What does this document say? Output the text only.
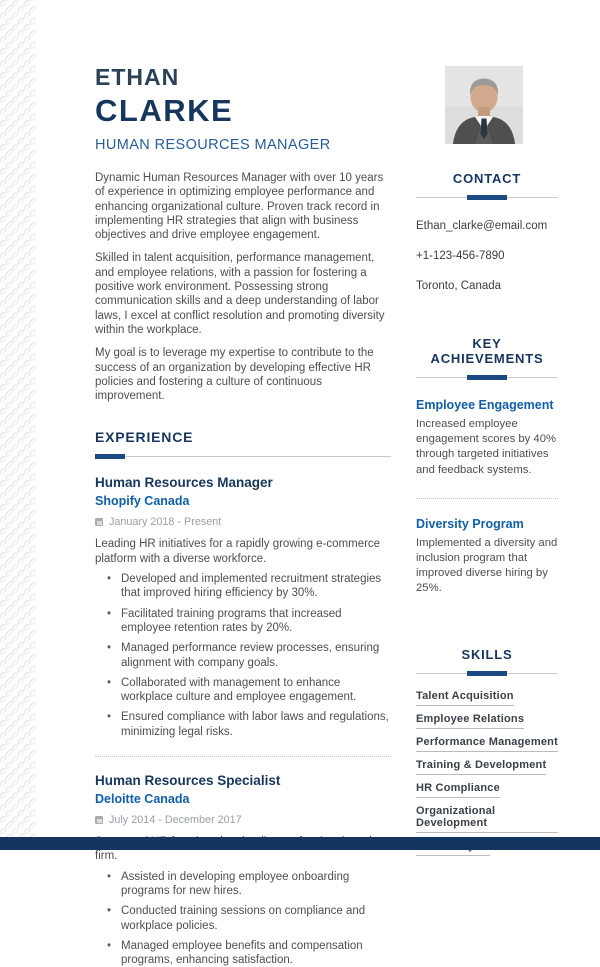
ETHAN
CLARKE
HUMAN RESOURCES MANAGER

Dynamic Human Resources Manager with over 10 years of experience in optimizing employee performance and enhancing organizational culture. Proven track record in implementing HR strategies that align with business objectives and drive employee engagement.

Skilled in talent acquisition, performance management, and employee relations, with a passion for fostering a positive work environment. Possessing strong communication skills and a deep understanding of labor laws, I excel at conflict resolution and promoting diversity within the workplace.

My goal is to leverage my expertise to contribute to the success of an organization by developing effective HR policies and fostering a culture of continuous improvement.

EXPERIENCE
Human Resources Manager
Shopify Canada
January 2018 - Present

Leading HR initiatives for a rapidly growing e-commerce platform with a diverse workforce.

• Developed and implemented recruitment strategies that improved hiring efficiency by 30%.
• Facilitated training programs that increased employee retention rates by 20%.
• Managed performance review processes, ensuring alignment with company goals.
• Collaborated with management to enhance workplace culture and employee engagement.
• Ensured compliance with labor laws and regulations, minimizing legal risks.
Human Resources Specialist
Deloitte Canada
July 2014 - December 2017

firm.

• Assisted in developing employee onboarding programs for new hires.
• Conducted training sessions on compliance and workplace policies.
• Managed employee benefits and compensation programs, enhancing satisfaction.
CONTACT

Ethan_clarke@email.com

+1-123-456-7890

Toronto, Canada

KEY ACHIEVEMENTS
Employee Engagement

Increased employee engagement scores by 40% through targeted initiatives and feedback systems.

Diversity Program

Implemented a diversity and inclusion program that improved diverse hiring by 25%.

SKILLS
Talent Acquisition
Employee Relations
Performance Management
Training & Development
HR Compliance
Organizational Development
